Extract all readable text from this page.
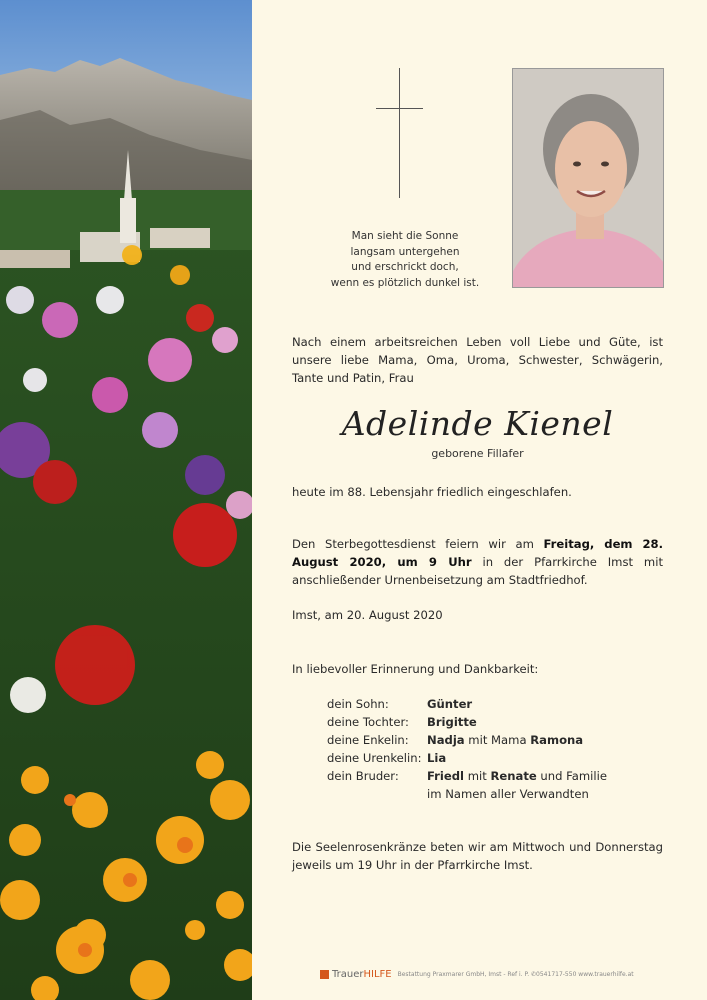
Man sieht die Sonne
langsam untergehen
und erschrickt doch,
wenn es plötzlich dunkel ist.
Nach einem arbeitsreichen Leben voll Liebe und Güte, ist unsere liebe Mama, Oma, Uroma, Schwester, Schwägerin, Tante und Patin, Frau
Adelinde Kienel
geborene Fillafer
heute im 88. Lebensjahr friedlich eingeschlafen.
Den Sterbegottesdienst feiern wir am Freitag, dem 28. August 2020, um 9 Uhr in der Pfarrkirche Imst mit anschließender Urnenbeisetzung am Stadtfriedhof.
Imst, am 20. August 2020
In liebevoller Erinnerung und Dankbarkeit:
dein Sohn:	Günter
deine Tochter:	Brigitte
deine Enkelin:	Nadja mit Mama Ramona
deine Urenkelin: Lia
dein Bruder:	Friedl mit Renate und Familie
im Namen aller Verwandten
Die Seelenrosenkränze beten wir am Mittwoch und Donnerstag jeweils um 19 Uhr in der Pfarrkirche Imst.
TrauerHILFE Bestattung Praxmarer GmbH, Imst - Ref i. P. ✆0541717-550 www.trauerhilfe.at
